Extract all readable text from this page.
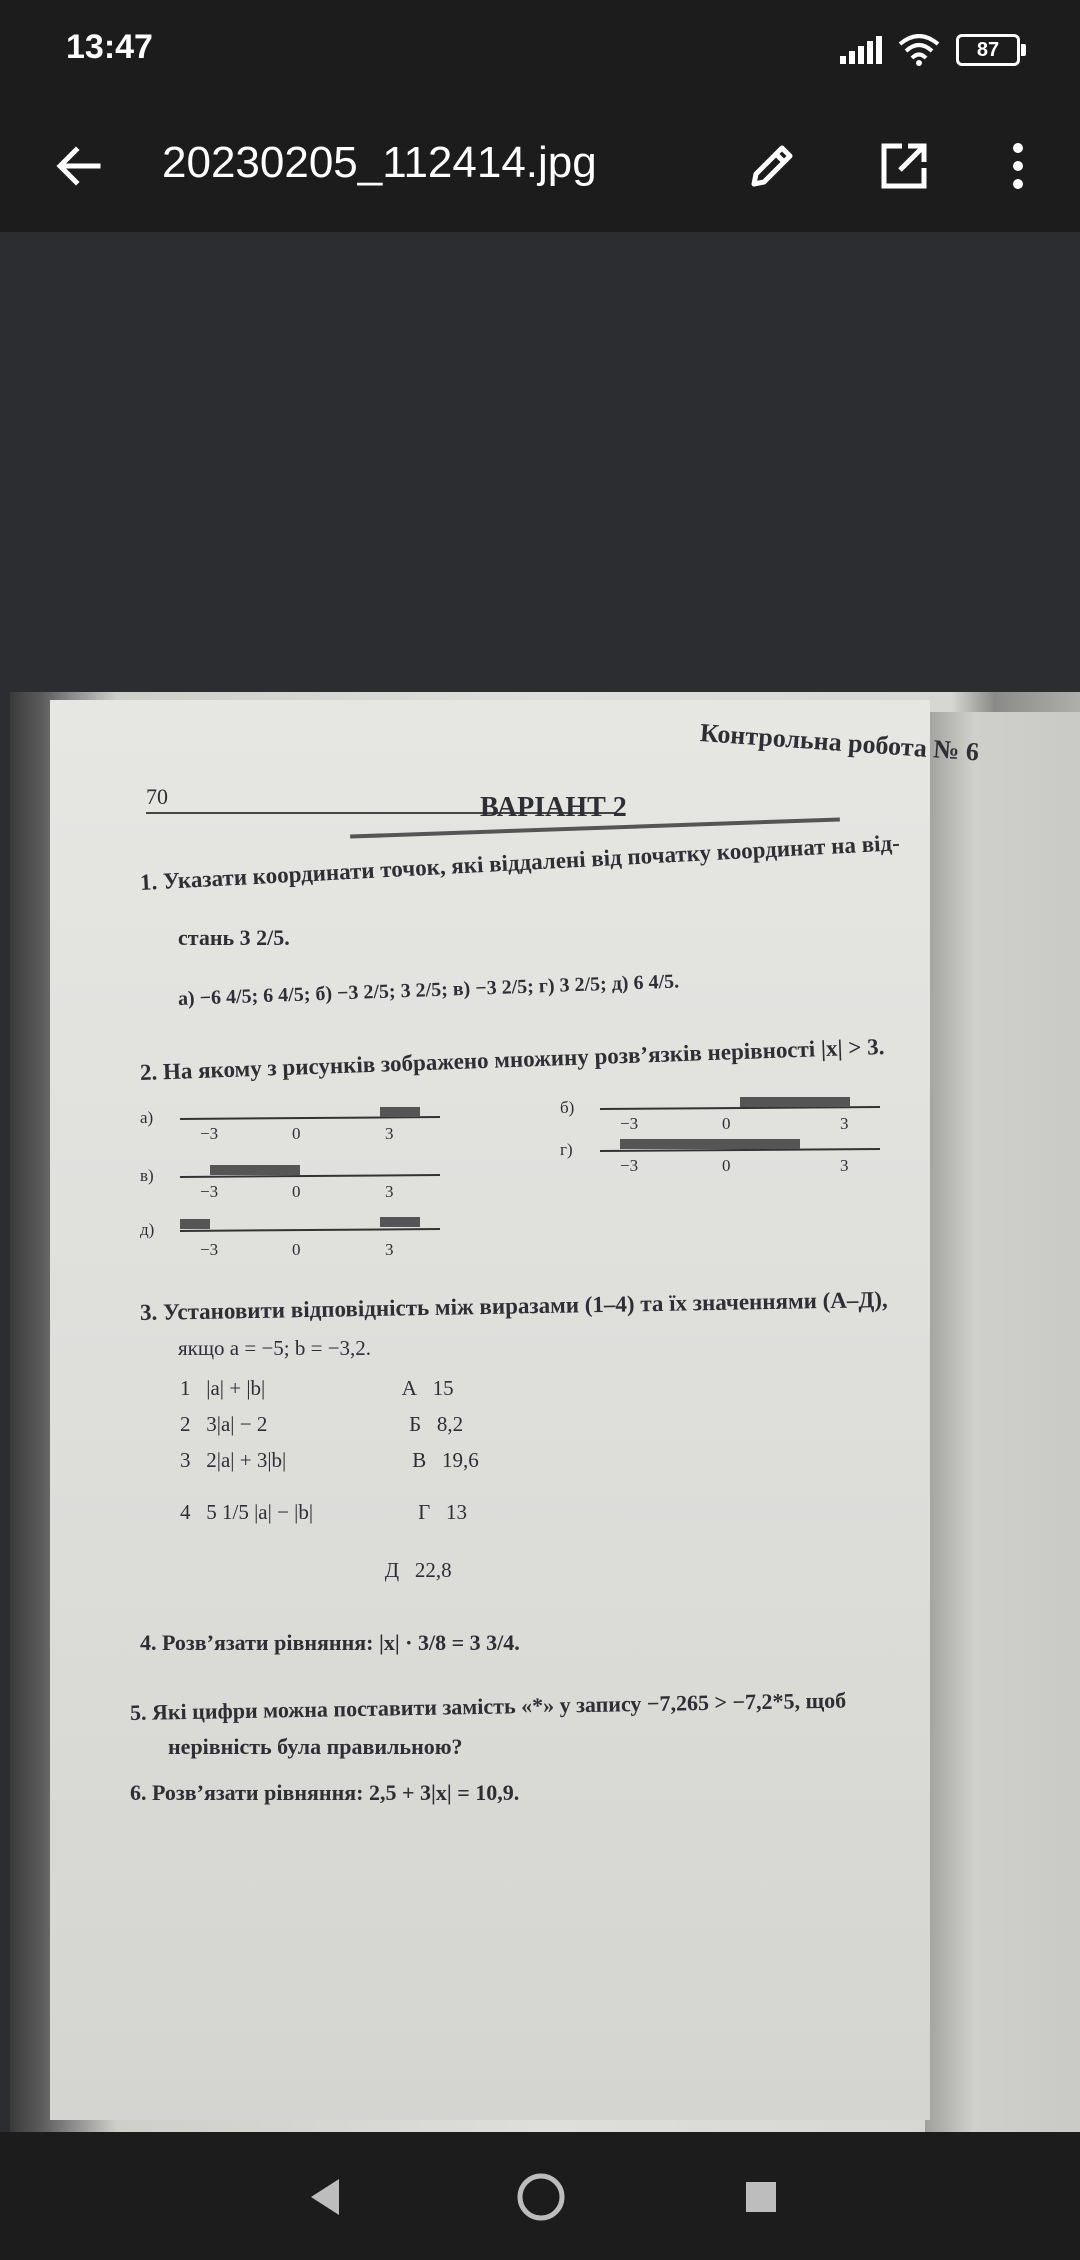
13:47	87
20230205_112414.jpg
Контрольна робота № 6
70	ВАРІАНТ 2
1. Указати координати точок, які віддалені від початку координат на від-
стань 3 2/5.
а) −6 4/5; 6 4/5; б) −3 2/5; 3 2/5; в) −3 2/5; г) 3 2/5; д) 6 4/5.
2. На якому з рисунків зображено множину розв’язків нерівності |x| > 3.
а)
−3	0	3
в)
−3	0	3
д)
−3	0	3
б)
−3	0	3
г)
−3	0	3
3. Установити відповідність між виразами (1–4) та їх значеннями (А–Д),
якщо a = −5; b = −3,2.
1   |a| + |b|                          А   15
2   3|a| − 2                           Б   8,2
3   2|a| + 3|b|                        В   19,6
4   5 1/5 |a| − |b|                    Г   13
Д   22,8
4. Розв’язати рівняння: |x| · 3/8 = 3 3/4.
5. Які цифри можна поставити замість «*» у запису −7,265 > −7,2*5, щоб
нерівність була правильною?
6. Розв’язати рівняння: 2,5 + 3|x| = 10,9.
